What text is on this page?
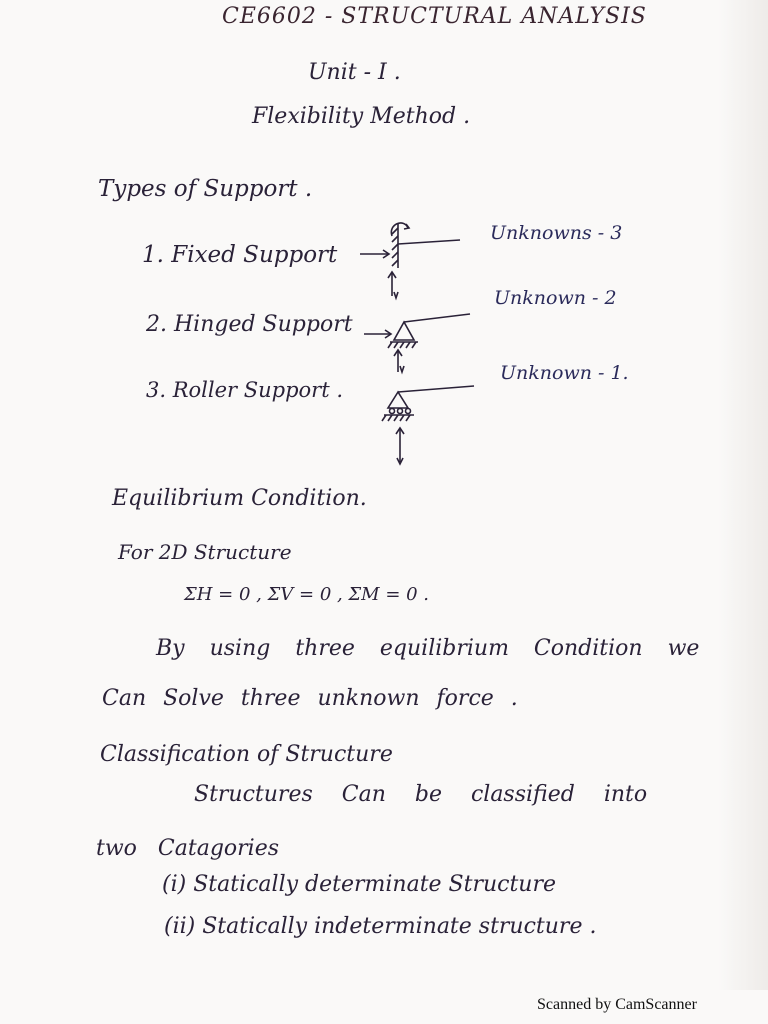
CE6602 - STRUCTURAL ANALYSIS
Unit - I .
Flexibility Method .
Types of Support .
1. Fixed Support
Unknowns - 3
2. Hinged Support
Unknown - 2
3. Roller Support .
Unknown - 1.
Equilibrium Condition.
For 2D Structure
ΣH = 0 , ΣV = 0 , ΣM = 0 .
By using three equilibrium Condition we
Can Solve three unknown force .
Classification of Structure
Structures Can be classified into
two Catagories
(i) Statically determinate Structure
(ii) Statically indeterminate structure .
Scanned by CamScanner
